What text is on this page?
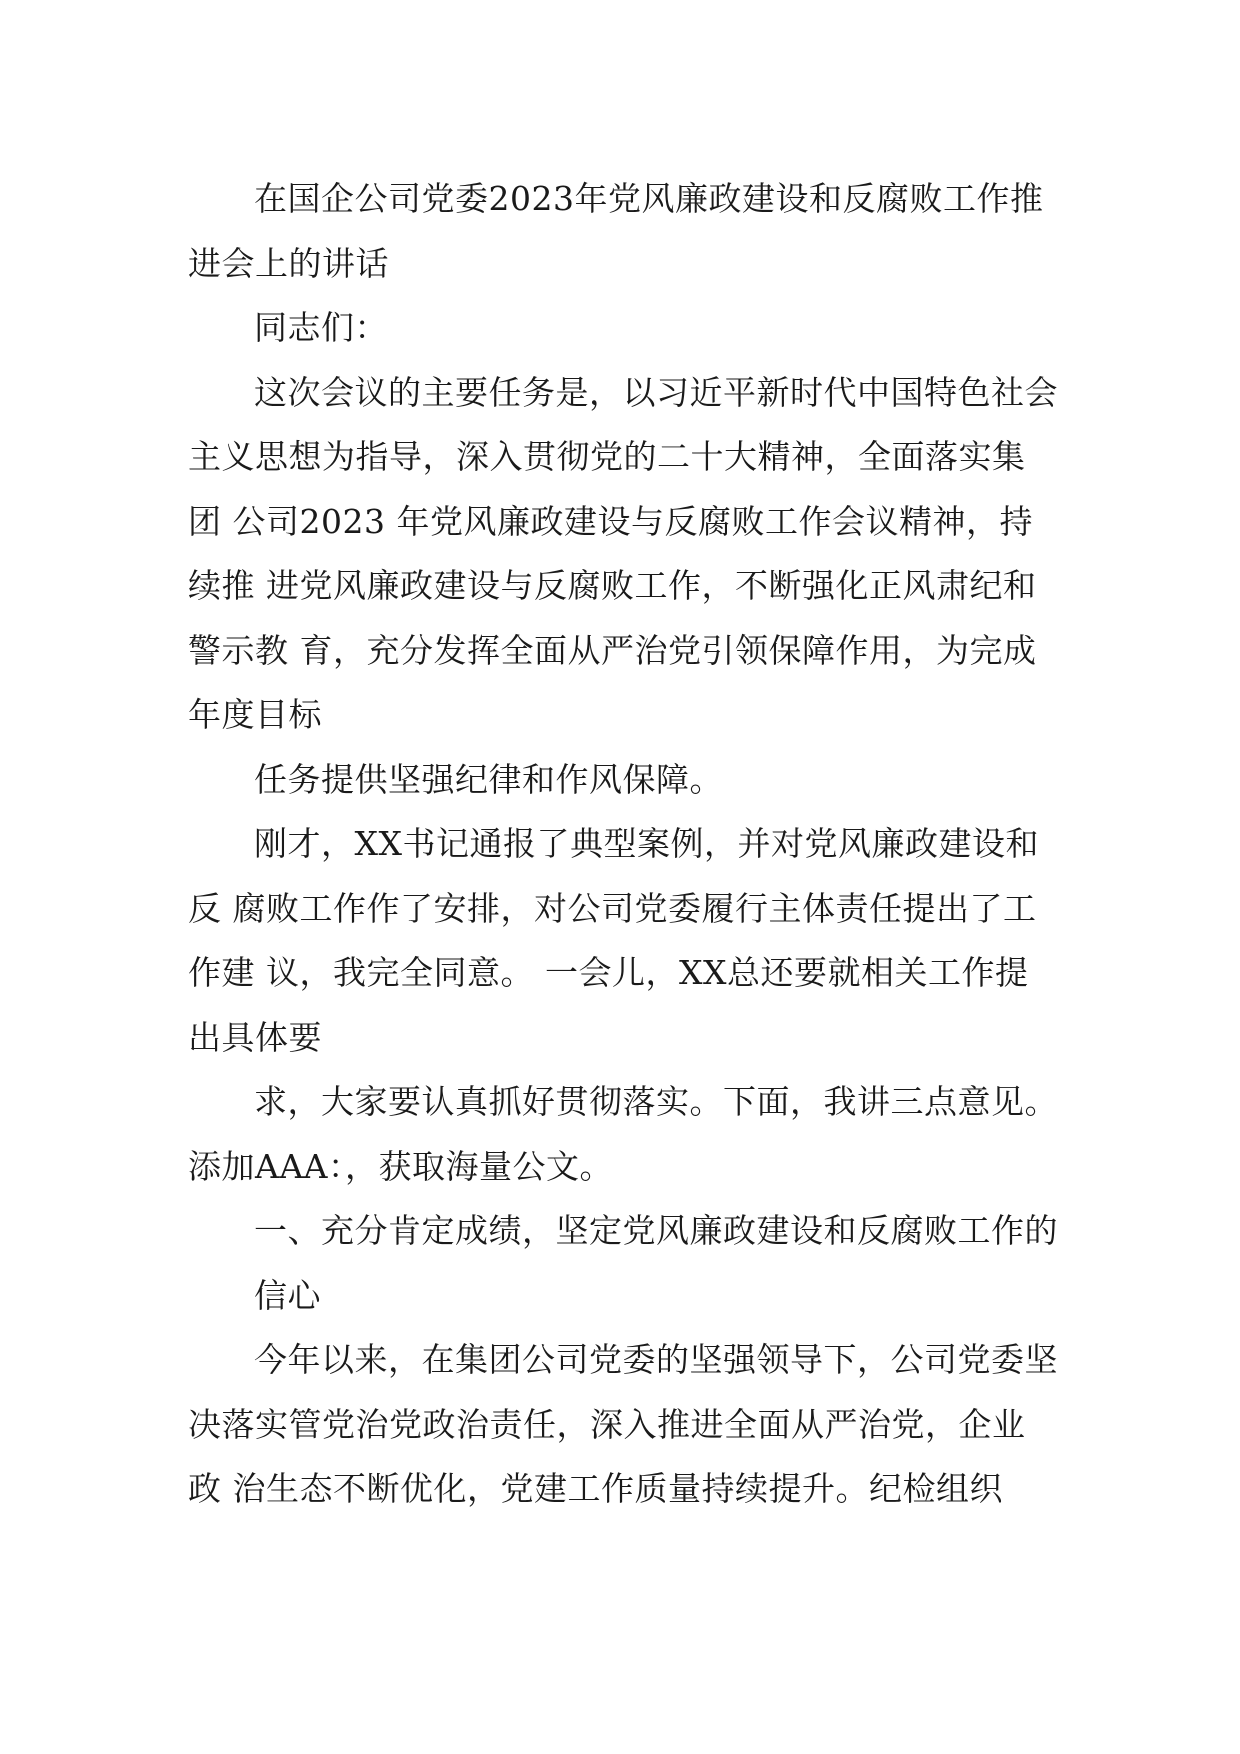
在国企公司党委2023年党风廉政建设和反腐败工作推进会上的讲话

同志们：

这次会议的主要任务是，以习近平新时代中国特色社会 主义思想为指导，深入贯彻党的二十大精神，全面落实集团 公司2023 年党风廉政建设与反腐败工作会议精神，持续推 进党风廉政建设与反腐败工作，不断强化正风肃纪和警示教 育，充分发挥全面从严治党引领保障作用，为完成年度目标

任务提供坚强纪律和作风保障。

刚才，XX书记通报了典型案例，并对党风廉政建设和反 腐败工作作了安排，对公司党委履行主体责任提出了工作建 议，我完全同意。 一会儿，XX总还要就相关工作提出具体要

求，大家要认真抓好贯彻落实。下面，我讲三点意见。添加AAA：，获取海量公文。

一、充分肯定成绩，坚定党风廉政建设和反腐败工作的

信心

今年以来，在集团公司党委的坚强领导下，公司党委坚 决落实管党治党政治责任，深入推进全面从严治党，企业政 治生态不断优化，党建工作质量持续提升。纪检组织
